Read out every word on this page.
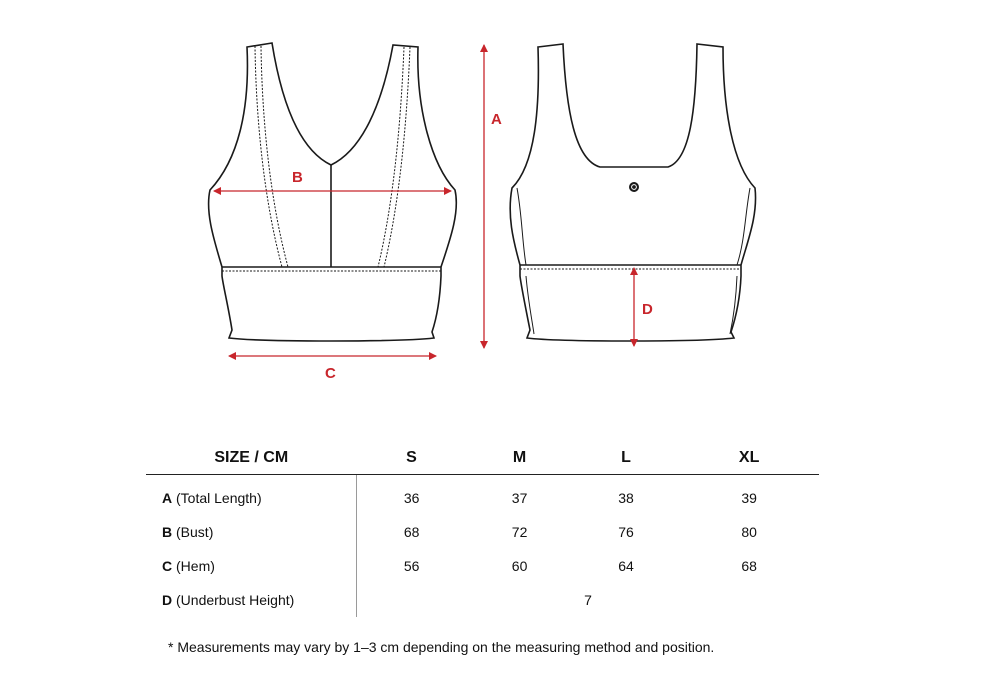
B
C
A
D
SIZE / CM	S	M	L	XL
A (Total Length)	36	37	38	39
B (Bust)	68	72	76	80
C (Hem)	56	60	64	68
D (Underbust Height)	7			
* Measurements may vary by 1–3 cm depending on the measuring method and position.
